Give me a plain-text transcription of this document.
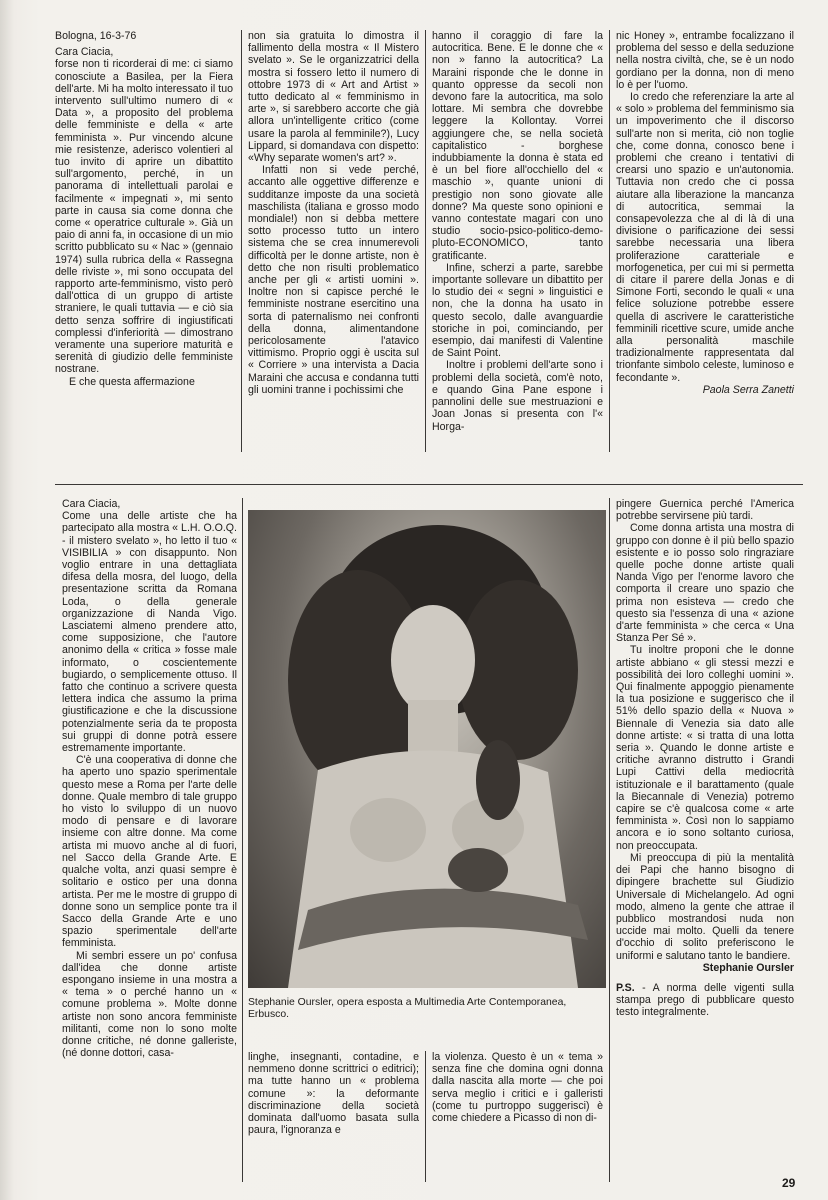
Bologna, 16-3-76

Cara Ciacia,

forse non ti ricorderai di me: ci siamo conosciute a Basilea, per la Fiera dell'arte. Mi ha molto interessato il tuo intervento sull'ultimo numero di « Data », a proposito del problema delle femministe e della « arte femminista ». Pur vincendo alcune mie resistenze, aderisco volentieri al tuo invito di aprire un dibattito sull'argomento, perché, in un panorama di intellettuali parolai e facilmente « impegnati », mi sento parte in causa sia come donna che come « operatrice culturale ». Già un paio di anni fa, in occasione di un mio scritto pubblicato su « Nac » (gennaio 1974) sulla rubrica della « Rassegna delle riviste », mi sono occupata del rapporto arte-femminismo, visto però dall'ottica di un gruppo di artiste straniere, le quali tuttavia — e ciò sia detto senza soffrire di ingiustificati complessi d'inferiorità — dimostrano veramente una superiore maturità e serenità di giudizio delle femministe nostrane.

E che questa affermazione

non sia gratuita lo dimostra il fallimento della mostra « Il Mistero svelato ». Se le organizzatrici della mostra si fossero letto il numero di ottobre 1973 di « Art and Artist » tutto dedicato al « femminismo in arte », si sarebbero accorte che già allora un'intelligente critico (come usare la parola al femminile?), Lucy Lippard, si domandava con dispetto: «Why separate women's art? ».

Infatti non si vede perché, accanto alle oggettive differenze e sudditanze imposte da una società maschilista (italiana e grosso modo mondiale!) non si debba mettere sotto processo tutto un intero sistema che se crea innumerevoli difficoltà per le donne artiste, non è detto che non risulti problematico anche per gli « artisti uomini ». Inoltre non si capisce perché le femministe nostrane esercitino una sorta di paternalismo nei confronti della donna, alimentandone pericolosamente l'atavico vittimismo. Proprio oggi è uscita sul « Corriere » una intervista a Dacia Maraini che accusa e condanna tutti gli uomini tranne i pochissimi che

hanno il coraggio di fare la autocritica. Bene. E le donne che « non » fanno la autocritica? La Maraini risponde che le donne in quanto oppresse da secoli non devono fare la autocritica, ma solo lottare. Mi sembra che dovrebbe leggere la Kollontay. Vorrei aggiungere che, se nella società capitalistico - borghese indubbiamente la donna è stata ed è un bel fiore all'occhiello del « maschio », quante unioni di prestigio non sono giovate alle donne? Ma queste sono opinioni e vanno contestate magari con uno studio socio-psico-politico-demo-pluto-ECONOMICO, tanto gratificante.

Infine, scherzi a parte, sarebbe importante sollevare un dibattito per lo studio dei « segni » linguistici e non, che la donna ha usato in questo secolo, dalle avanguardie storiche in poi, cominciando, per esempio, dai manifesti di Valentine de Saint Point.

Inoltre i problemi dell'arte sono i problemi della società, com'è noto, e quando Gina Pane espone i pannolini delle sue mestruazioni e Joan Jonas si presenta con l'« Horga-

nic Honey », entrambe focalizzano il problema del sesso e della seduzione nella nostra civiltà, che, se è un nodo gordiano per la donna, non di meno lo è per l'uomo.

Io credo che referenziare la arte al « solo » problema del femminismo sia un impoverimento che il discorso sull'arte non si merita, ciò non toglie che, come donna, conosco bene i problemi che creano i tentativi di crearsi uno spazio e un'autonomia. Tuttavia non credo che ci possa aiutare alla liberazione la mancanza di autocritica, semmai la consapevolezza che al di là di una divisione o parificazione dei sessi sarebbe necessaria una libera proliferazione caratteriale e morfogenetica, per cui mi si permetta di citare il parere della Jonas e di Simone Forti, secondo le quali « una felice soluzione potrebbe essere quella di ascrivere le caratteristiche femminili ricettive scure, umide anche alla personalità maschile tradizionalmente rappresentata dal trionfante simbolo celeste, luminoso e fecondante ».

Paola Serra Zanetti

Cara Ciacia,

Come una delle artiste che ha partecipato alla mostra « L.H. O.O.Q. - il mistero svelato », ho letto il tuo « VISIBILIA » con disappunto. Non voglio entrare in una dettagliata difesa della mosra, del luogo, della presentazione scritta da Romana Loda, o della generale organizzazione di Nanda Vigo. Lasciatemi almeno prendere atto, come supposizione, che l'autore anonimo della « critica » fosse male informato, o coscientemente bugiardo, o semplicemente ottuso. Il fatto che continuo a scrivere questa lettera indica che assumo la prima giustificazione e che la discussione potenzialmente seria da te proposta sui gruppi di donne potrà essere estremamente importante.

C'è una cooperativa di donne che ha aperto uno spazio sperimentale questo mese a Roma per l'arte delle donne. Quale membro di tale gruppo ho visto lo sviluppo di un nuovo modo di pensare e di lavorare insieme con altre donne. Ma come artista mi muovo anche al di fuori, nel Sacco della Grande Arte. E qualche volta, anzi quasi sempre è solitario e ostico per una donna artista. Per me le mostre di gruppo di donne sono un semplice ponte tra il Sacco della Grande Arte e uno spazio sperimentale dell'arte femminista.

Mi sembri essere un po' confusa dall'idea che donne artiste espongano insieme in una mostra a « tema » o perché hanno un « comune problema ». Molte donne artiste non sono ancora femministe militanti, come non lo sono molte donne critiche, né donne galleriste, (né donne dottori, casa-

Stephanie Oursler, opera esposta a Multimedia Arte Contemporanea, Erbusco.

linghe, insegnanti, contadine, e nemmeno donne scrittrici o editrici); ma tutte hanno un « problema comune »: la deformante discriminazione della società dominata dall'uomo basata sulla paura, l'ignoranza e

la violenza. Questo è un « tema » senza fine che domina ogni donna dalla nascita alla morte — che poi serva meglio i critici e i galleristi (come tu purtroppo suggerisci) è come chiedere a Picasso di non di-

pingere Guernica perché l'America potrebbe servirsene più tardi.

Come donna artista una mostra di gruppo con donne è il più bello spazio esistente e io posso solo ringraziare quelle poche donne artiste quali Nanda Vigo per l'enorme lavoro che comporta il creare uno spazio che prima non esisteva — credo che questo sia l'essenza di una « azione d'arte femminista » che cerca « Una Stanza Per Sé ».

Tu inoltre proponi che le donne artiste abbiano « gli stessi mezzi e possibilità dei loro colleghi uomini ». Qui finalmente appoggio pienamente la tua posizione e suggerisco che il 51% dello spazio della « Nuova » Biennale di Venezia sia dato alle donne artiste: « si tratta di una lotta seria ». Quando le donne artiste e critiche avranno distrutto i Grandi Lupi Cattivi della mediocrità istituzionale e il barattamento (quale la Biecannale di Venezia) potremo capire se c'è qualcosa come « arte femminista ». Così non lo sappiamo ancora e io sono soltanto curiosa, non preoccupata.

Mi preoccupa di più la mentalità dei Papi che hanno bisogno di dipingere brachette sul Giudizio Universale di Michelangelo. Ad ogni modo, almeno la gente che attrae il pubblico mostrandosi nuda non uccide mai molto. Quelli da tenere d'occhio di solito preferiscono le uniformi e salutano tanto le bandiere.

Stephanie Oursler

P.S. - A norma delle vigenti sulla stampa prego di pubblicare questo testo integralmente.

29
